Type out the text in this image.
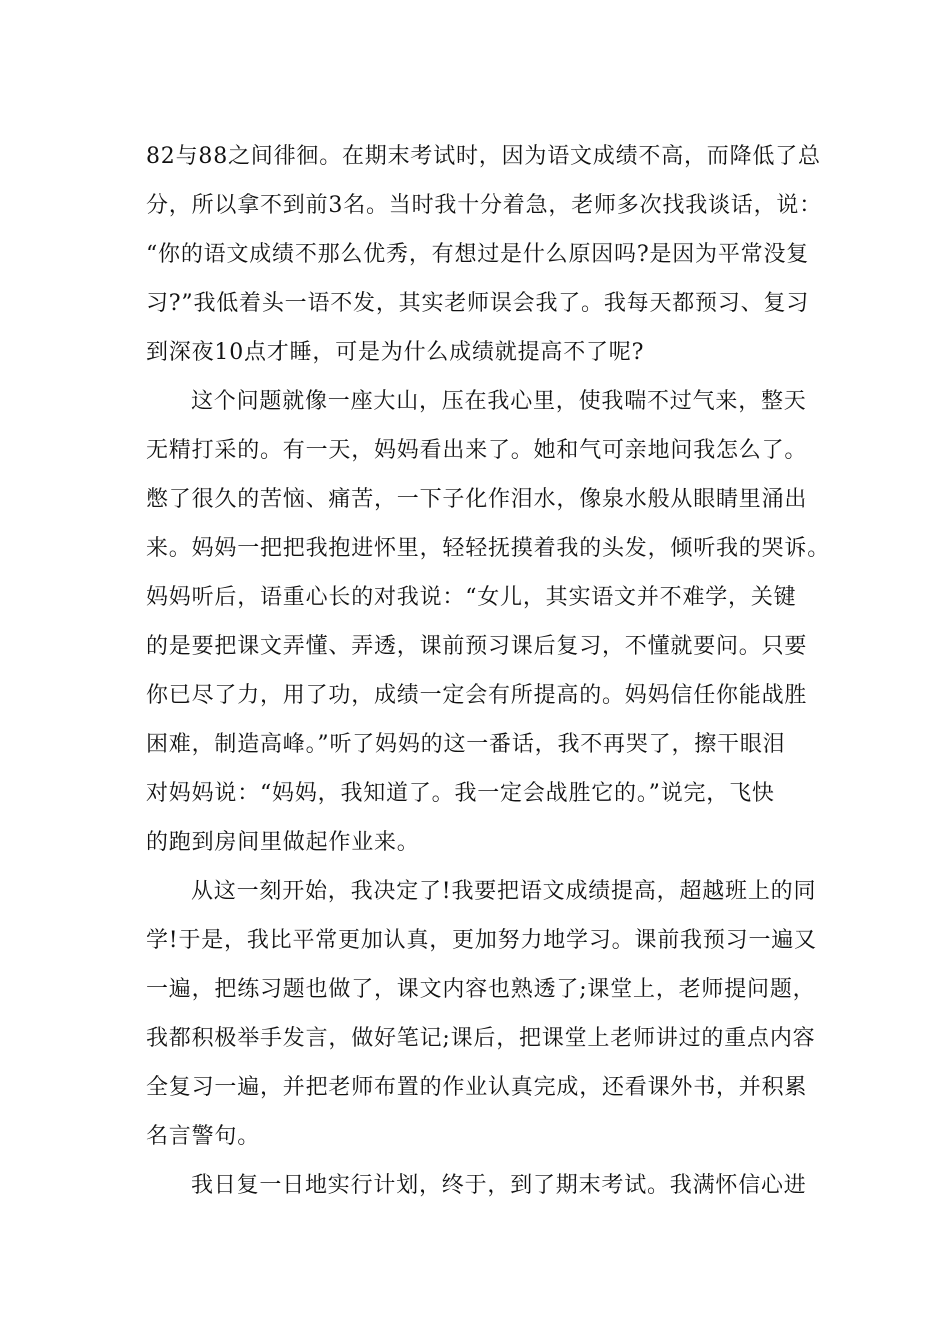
82与88之间徘徊。在期末考试时，因为语文成绩不高，而降低了总
分，所以拿不到前3名。当时我十分着急，老师多次找我谈话，说：
“你的语文成绩不那么优秀，有想过是什么原因吗?是因为平常没复
习?”我低着头一语不发，其实老师误会我了。我每天都预习、复习
到深夜10点才睡，可是为什么成绩就提高不了呢?
这个问题就像一座大山，压在我心里，使我喘不过气来，整天
无精打采的。有一天，妈妈看出来了。她和气可亲地问我怎么了。
憋了很久的苦恼、痛苦，一下子化作泪水，像泉水般从眼睛里涌出
来。妈妈一把把我抱进怀里，轻轻抚摸着我的头发，倾听我的哭诉。
妈妈听后，语重心长的对我说：“女儿，其实语文并不难学，关键
的是要把课文弄懂、弄透，课前预习课后复习，不懂就要问。只要
你已尽了力，用了功，成绩一定会有所提高的。妈妈信任你能战胜
困难，制造高峰。”听了妈妈的这一番话，我不再哭了，擦干眼泪
对妈妈说：“妈妈，我知道了。我一定会战胜它的。”说完，飞快
的跑到房间里做起作业来。
从这一刻开始，我决定了!我要把语文成绩提高，超越班上的同
学!于是，我比平常更加认真，更加努力地学习。课前我预习一遍又
一遍，把练习题也做了，课文内容也熟透了;课堂上，老师提问题，
我都积极举手发言，做好笔记;课后，把课堂上老师讲过的重点内容
全复习一遍，并把老师布置的作业认真完成，还看课外书，并积累
名言警句。
我日复一日地实行计划，终于，到了期末考试。我满怀信心进
